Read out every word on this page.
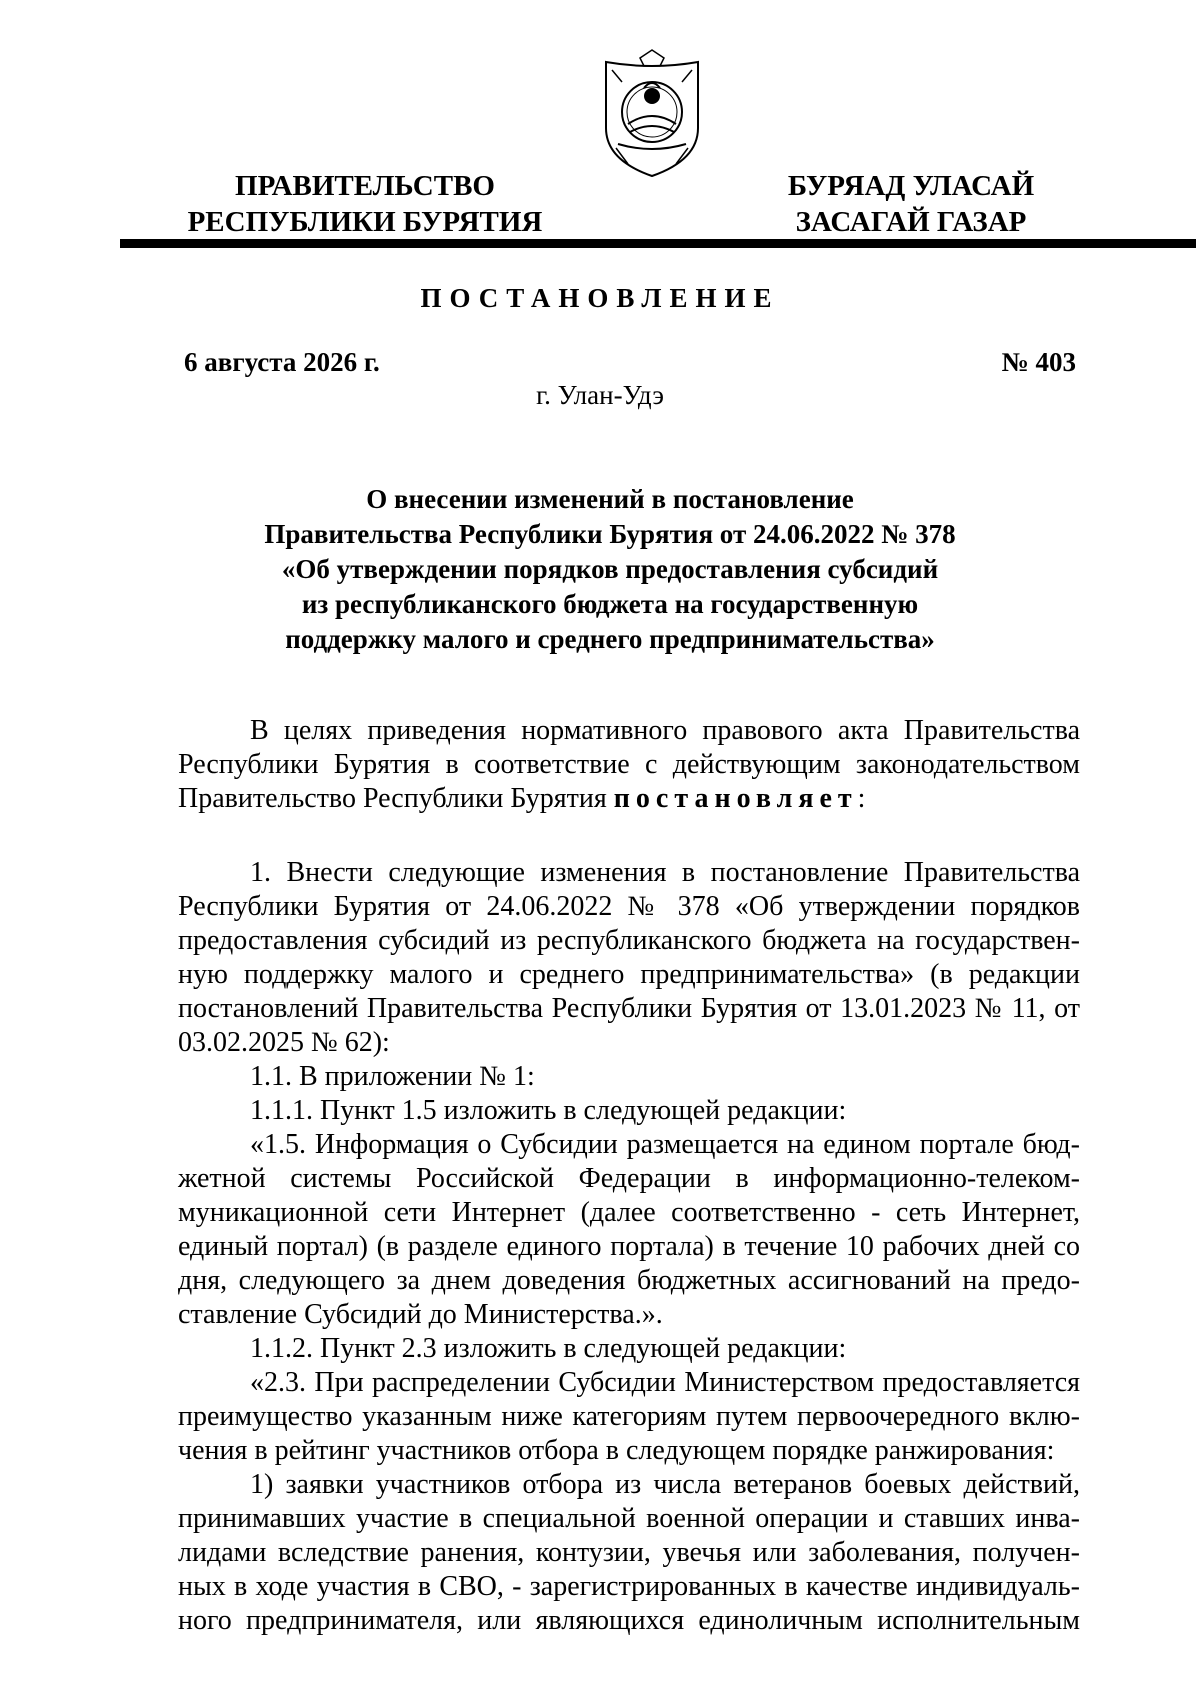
ПРАВИТЕЛЬСТВО
РЕСПУБЛИКИ БУРЯТИЯ
БУРЯАД УЛАСАЙ
ЗАСАГАЙ ГАЗАР
ПОСТАНОВЛЕНИЕ
6 августа 2026 г.	№ 403
г. Улан-Удэ
О внесении изменений в постановление
Правительства Республики Бурятия от 24.06.2022 № 378
«Об утверждении порядков предоставления субсидий
из республиканского бюджета на государственную
поддержку малого и среднего предпринимательства»
В целях приведения нормативного правового акта Правительства
Республики Бурятия в соответствие с действующим законодательством
Правительство Республики Бурятия постановляет:
1. Внести следующие изменения в постановление Правительства
Республики Бурятия от 24.06.2022 № 378 «Об утверждении порядков
предоставления субсидий из республиканского бюджета на государствен-
ную поддержку малого и среднего предпринимательства» (в редакции
постановлений Правительства Республики Бурятия от 13.01.2023 № 11, от
03.02.2025 № 62):
1.1. В приложении № 1:
1.1.1. Пункт 1.5 изложить в следующей редакции:
«1.5. Информация о Субсидии размещается на едином портале бюд-
жетной системы Российской Федерации в информационно-телеком-
муникационной сети Интернет (далее соответственно - сеть Интернет,
единый портал) (в разделе единого портала) в течение 10 рабочих дней со
дня, следующего за днем доведения бюджетных ассигнований на предо-
ставление Субсидий до Министерства.».
1.1.2. Пункт 2.3 изложить в следующей редакции:
«2.3. При распределении Субсидии Министерством предоставляется
преимущество указанным ниже категориям путем первоочередного вклю-
чения в рейтинг участников отбора в следующем порядке ранжирования:
1) заявки участников отбора из числа ветеранов боевых действий,
принимавших участие в специальной военной операции и ставших инва-
лидами вследствие ранения, контузии, увечья или заболевания, получен-
ных в ходе участия в СВО, - зарегистрированных в качестве индивидуаль-
ного предпринимателя, или являющихся единоличным исполнительным
